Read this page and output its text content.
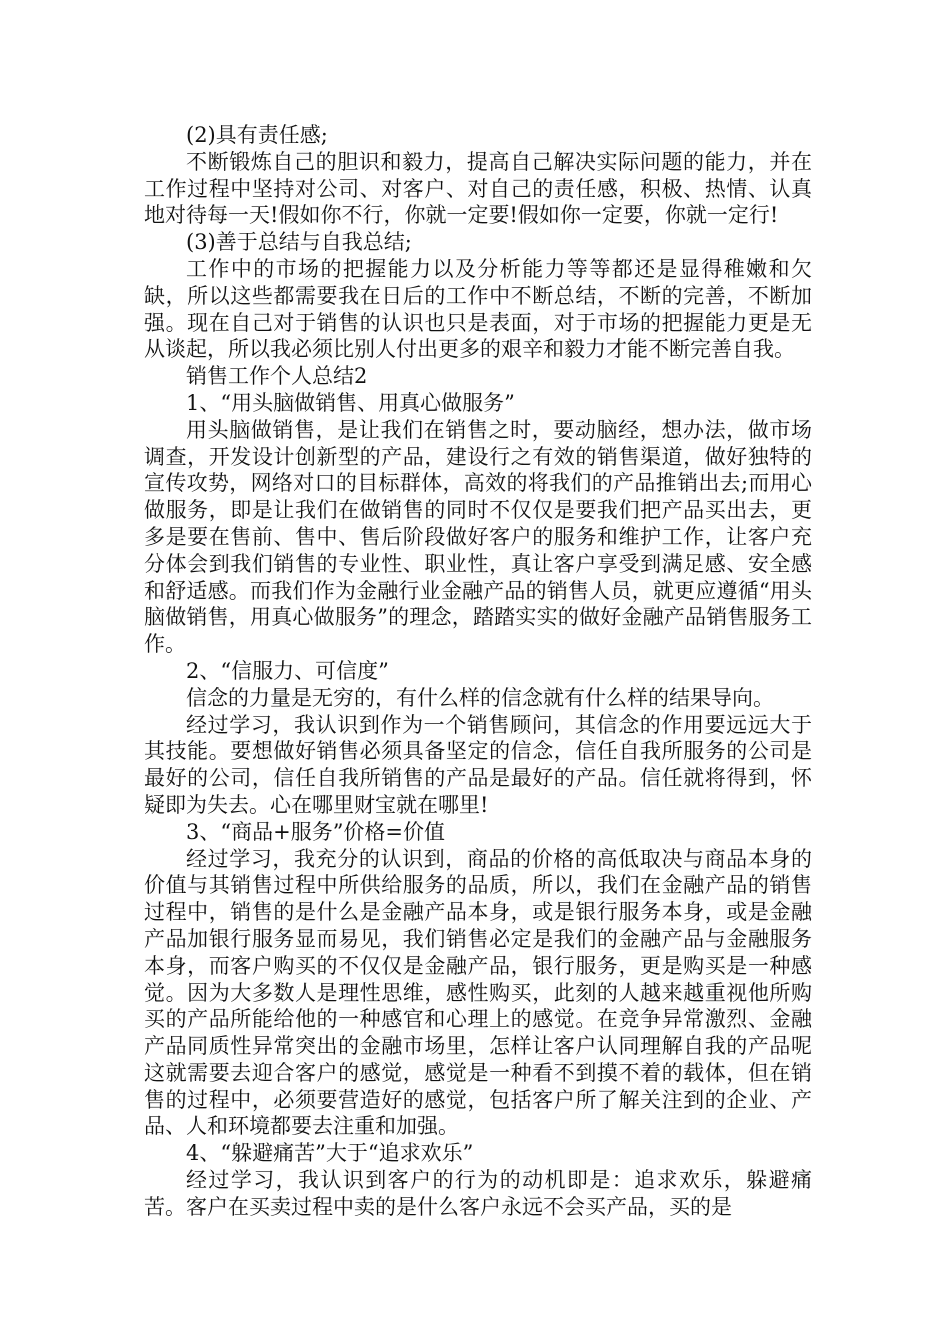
(2)具有责任感;

不断锻炼自己的胆识和毅力，提高自己解决实际问题的能力，并在工作过程中坚持对公司、对客户、对自己的责任感，积极、热情、认真地对待每一天!假如你不行，你就一定要!假如你一定要，你就一定行!

(3)善于总结与自我总结;

工作中的市场的把握能力以及分析能力等等都还是显得稚嫩和欠缺，所以这些都需要我在日后的工作中不断总结，不断的完善，不断加强。现在自己对于销售的认识也只是表面，对于市场的把握能力更是无从谈起，所以我必须比别人付出更多的艰辛和毅力才能不断完善自我。

销售工作个人总结2

1、“用头脑做销售、用真心做服务”

用头脑做销售，是让我们在销售之时，要动脑经，想办法，做市场调查，开发设计创新型的产品，建设行之有效的销售渠道，做好独特的宣传攻势，网络对口的目标群体，高效的将我们的产品推销出去;而用心做服务，即是让我们在做销售的同时不仅仅是要我们把产品买出去，更多是要在售前、售中、售后阶段做好客户的服务和维护工作，让客户充分体会到我们销售的专业性、职业性，真让客户享受到满足感、安全感和舒适感。而我们作为金融行业金融产品的销售人员，就更应遵循“用头脑做销售，用真心做服务”的理念，踏踏实实的做好金融产品销售服务工作。

2、“信服力、可信度”

信念的力量是无穷的，有什么样的信念就有什么样的结果导向。

经过学习，我认识到作为一个销售顾问，其信念的作用要远远大于其技能。要想做好销售必须具备坚定的信念，信任自我所服务的公司是最好的公司，信任自我所销售的产品是最好的产品。信任就将得到，怀疑即为失去。心在哪里财宝就在哪里!

3、“商品+服务”价格=价值

经过学习，我充分的认识到，商品的价格的高低取决与商品本身的价值与其销售过程中所供给服务的品质，所以，我们在金融产品的销售过程中，销售的是什么是金融产品本身，或是银行服务本身，或是金融产品加银行服务显而易见，我们销售必定是我们的金融产品与金融服务本身，而客户购买的不仅仅是金融产品，银行服务，更是购买是一种感觉。因为大多数人是理性思维，感性购买，此刻的人越来越重视他所购买的产品所能给他的一种感官和心理上的感觉。在竞争异常激烈、金融产品同质性异常突出的金融市场里，怎样让客户认同理解自我的产品呢这就需要去迎合客户的感觉，感觉是一种看不到摸不着的载体，但在销售的过程中，必须要营造好的感觉，包括客户所了解关注到的企业、产品、人和环境都要去注重和加强。

4、“躲避痛苦”大于“追求欢乐”

经过学习，我认识到客户的行为的动机即是：追求欢乐，躲避痛苦。客户在买卖过程中卖的是什么客户永远不会买产品，买的是
